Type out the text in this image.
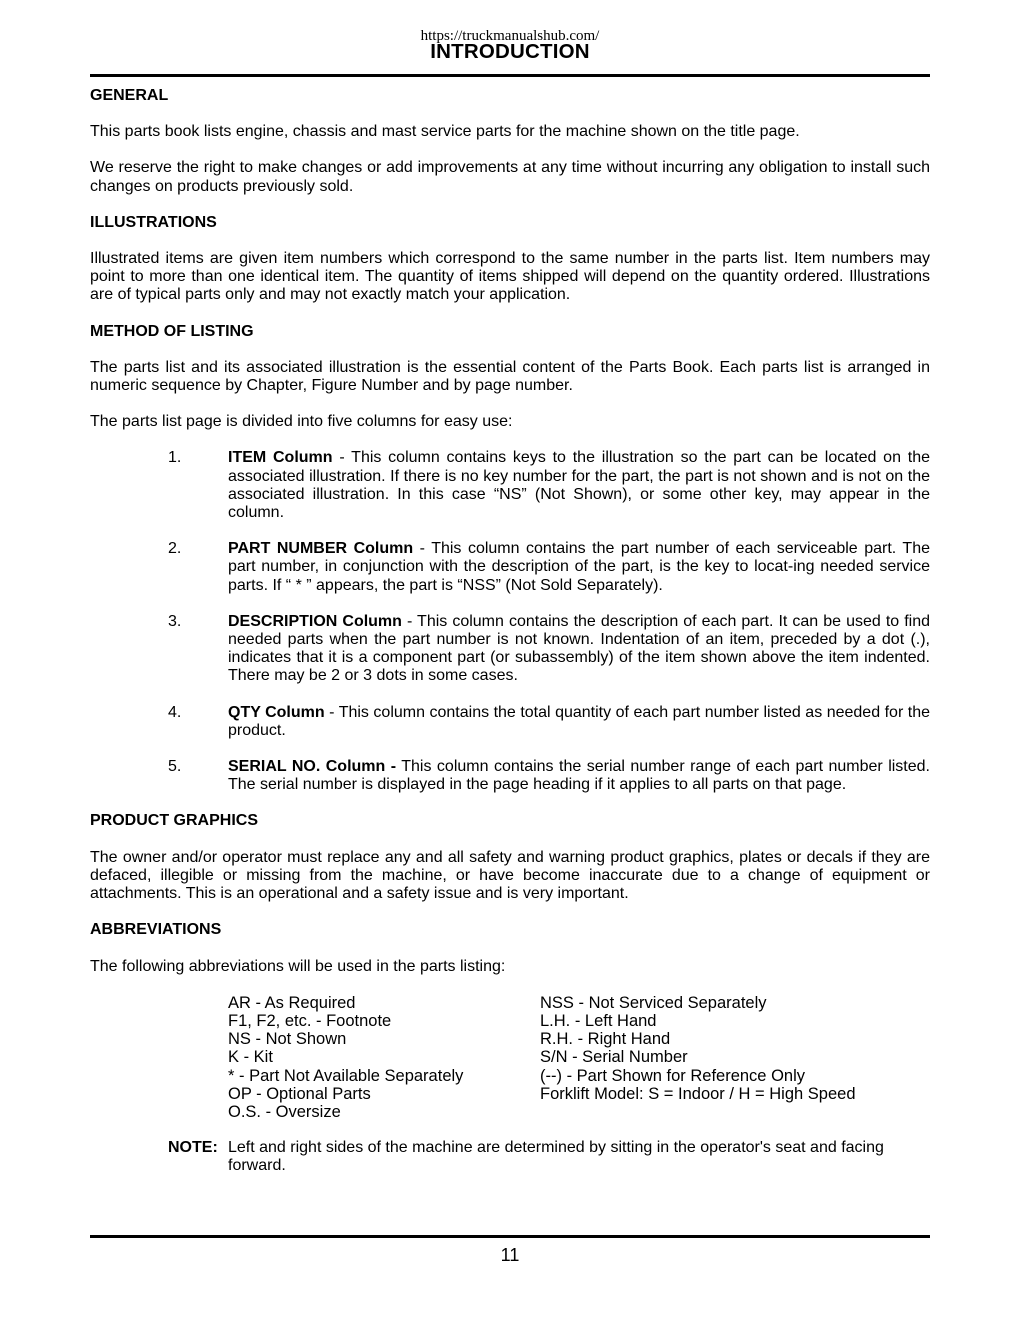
https://truckmanualshub.com/
INTRODUCTION
GENERAL

This parts book lists engine, chassis and mast service parts for the machine shown on the title page.

We reserve the right to make changes or add improvements at any time without incurring any obligation to install such changes on products previously sold.

ILLUSTRATIONS

Illustrated items are given item numbers which correspond to the same number in the parts list. Item numbers may point to more than one identical item. The quantity of items shipped will depend on the quantity ordered. Illustrations are of typical parts only and may not exactly match your application.

METHOD OF LISTING

The parts list and its associated illustration is the essential content of the Parts Book. Each parts list is arranged in numeric sequence by Chapter, Figure Number and by page number.

The parts list page is divided into five columns for easy use:

1.	ITEM Column - This column contains keys to the illustration so the part can be located on the associated illustration. If there is no key number for the part, the part is not shown and is not on the associated illustration. In this case “NS” (Not Shown), or some other key, may appear in the column.
2.	PART NUMBER Column - This column contains the part number of each serviceable part. The part number, in conjunction with the description of the part, is the key to locat-ing needed service parts. If “ * ” appears, the part is “NSS” (Not Sold Separately).
3.	DESCRIPTION Column - This column contains the description of each part. It can be used to find needed parts when the part number is not known. Indentation of an item, preceded by a dot (.), indicates that it is a component part (or subassembly) of the item shown above the item indented. There may be 2 or 3 dots in some cases.
4.	QTY Column - This column contains the total quantity of each part number listed as needed for the product.
5.	SERIAL NO. Column - This column contains the serial number range of each part number listed. The serial number is displayed in the page heading if it applies to all parts on that page.
PRODUCT GRAPHICS

The owner and/or operator must replace any and all safety and warning product graphics, plates or decals if they are defaced, illegible or missing from the machine, or have become inaccurate due to a change of equipment or attachments. This is an operational and a safety issue and is very important.

ABBREVIATIONS

The following abbreviations will be used in the parts listing:

AR - As Required
F1, F2, etc. - Footnote
NS - Not Shown
K - Kit
* - Part Not Available Separately
OP - Optional Parts
O.S. - Oversize
NSS - Not Serviced Separately
L.H. - Left Hand
R.H. - Right Hand
S/N - Serial Number
(--) - Part Shown for Reference Only
Forklift Model: S = Indoor / H = High Speed
NOTE: Left and right sides of the machine are determined by sitting in the operator's seat and facing forward.
11
